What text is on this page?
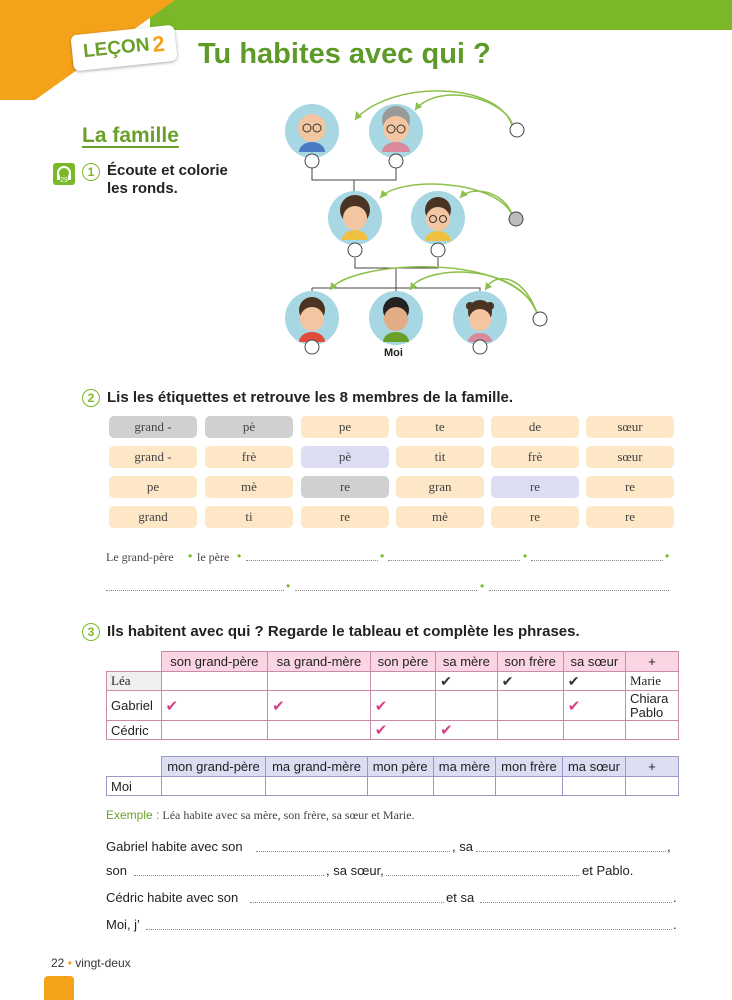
LEÇON 2 Tu habites avec qui ?
La famille
29
1 Écoute et colorie
les ronds.
Moi
2 Lis les étiquettes et retrouve les 8 membres de la famille.
grand -	pè	pe	te	de	sœur
grand -	frè	pè	tit	frè	sœur
pe	mè	re	gran	re	re
grand	ti	re	mè	re	re
Le grand-père • le père •	•	•	•
•	•
3 Ils habitent avec qui ? Regarde le tableau et complète les phrases.
	son grand-père	sa grand-mère	son père	sa mère	son frère	sa sœur	+
Léa				✔	✔	✔	Marie
Gabriel	✔	✔	✔			✔	Chiara
Pablo

Cédric			✔	✔			
	mon grand-père	ma grand-mère	mon père	ma mère	mon frère	ma sœur	+
Moi							
Exemple : Léa habite avec sa mère, son frère, sa sœur et Marie.
Gabriel habite avec son	, sa	,
son	, sa sœur,	et Pablo.
Cédric habite avec son	et sa	.
Moi, j’	.
22 • vingt-deux
